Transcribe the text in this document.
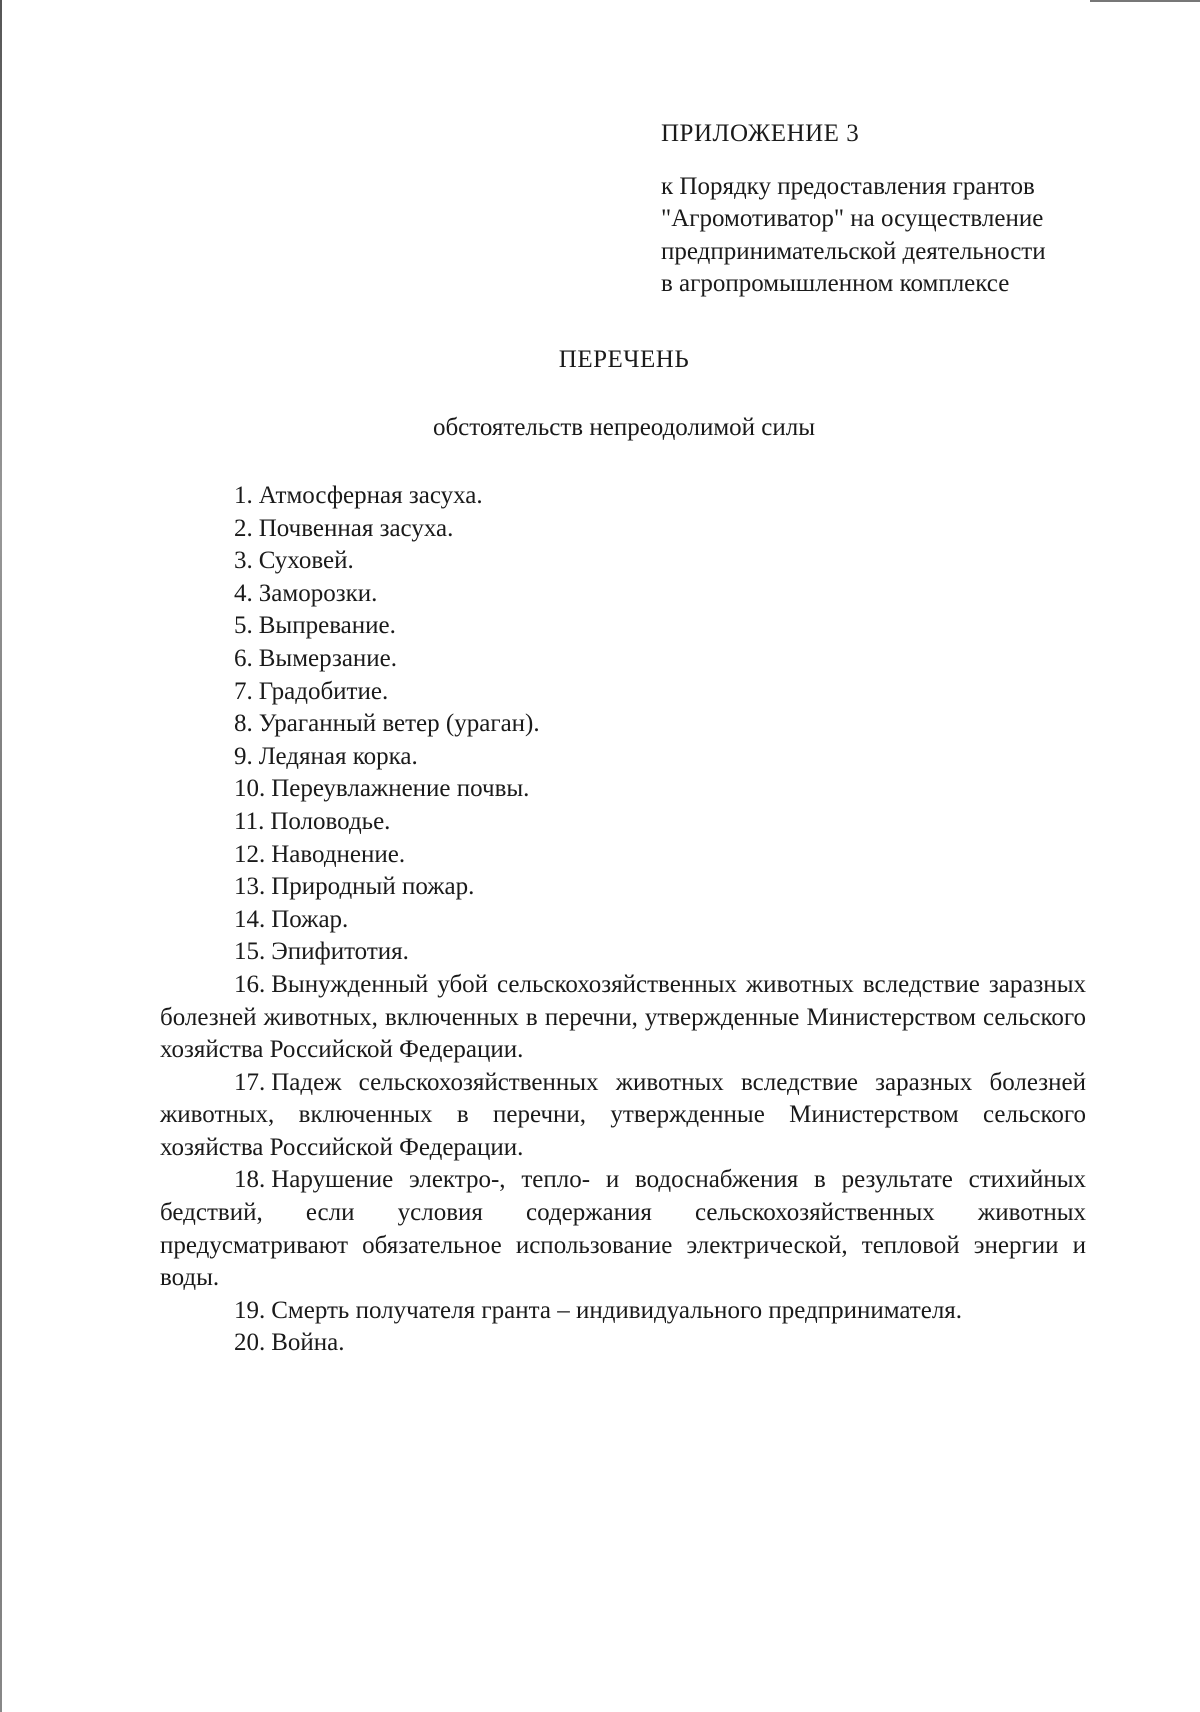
ПРИЛОЖЕНИЕ 3
к Порядку предоставления грантов
"Агромотиватор" на осуществление
предпринимательской деятельности
в агропромышленном комплексе
ПЕРЕЧЕНЬ
обстоятельств непреодолимой силы

1. Атмосферная засуха.

2. Почвенная засуха.

3. Суховей.

4. Заморозки.

5. Выпревание.

6. Вымерзание.

7. Градобитие.

8. Ураганный ветер (ураган).

9. Ледяная корка.

10. Переувлажнение почвы.

11. Половодье.

12. Наводнение.

13. Природный пожар.

14. Пожар.

15. Эпифитотия.

16. Вынужденный убой сельскохозяйственных животных вследствие заразных болезней животных, включенных в перечни, утвержденные Министерством сельского хозяйства Российской Федерации.

17. Падеж сельскохозяйственных животных вследствие заразных болезней животных, включенных в перечни, утвержденные Министерством сельского хозяйства Российской Федерации.

18. Нарушение электро-, тепло- и водоснабжения в результате стихийных бедствий, если условия содержания сельскохозяйственных животных предусматривают обязательное использование электрической, тепловой энергии и воды.

19. Смерть получателя гранта – индивидуального предпринимателя.

20. Война.
